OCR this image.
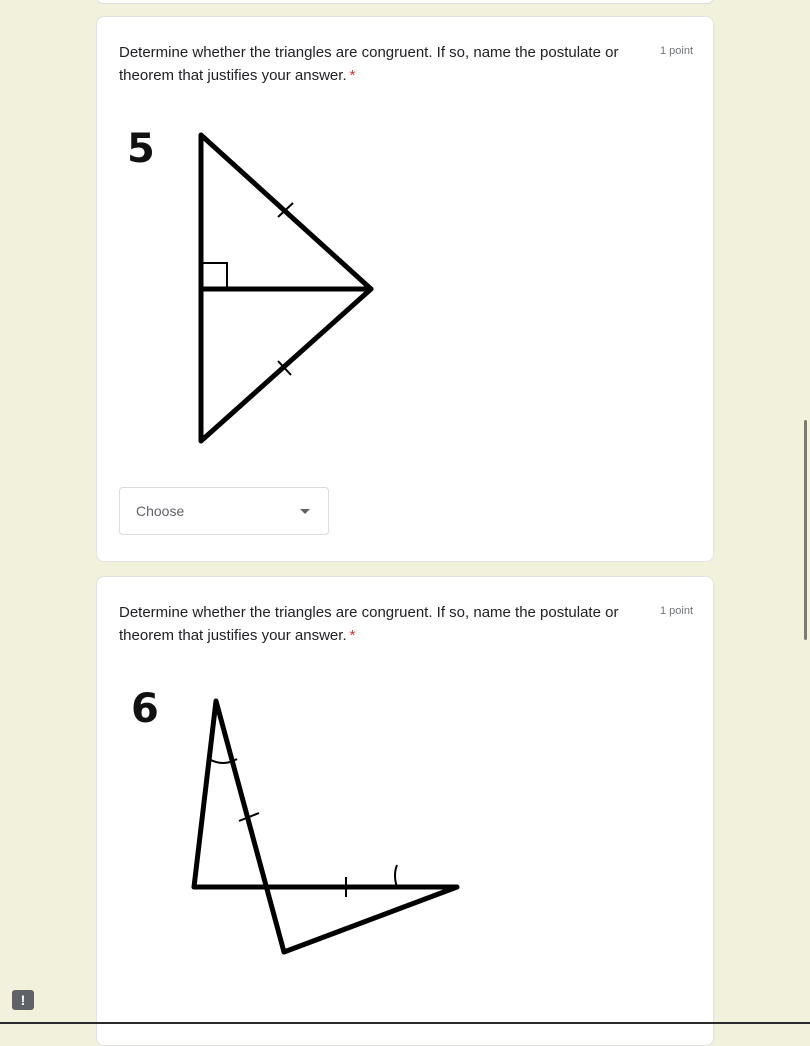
Determine whether the triangles are congruent. If so, name the postulate or theorem that justifies your answer. *
1 point
5
Choose
Determine whether the triangles are congruent. If so, name the postulate or theorem that justifies your answer. *
1 point
6
!
